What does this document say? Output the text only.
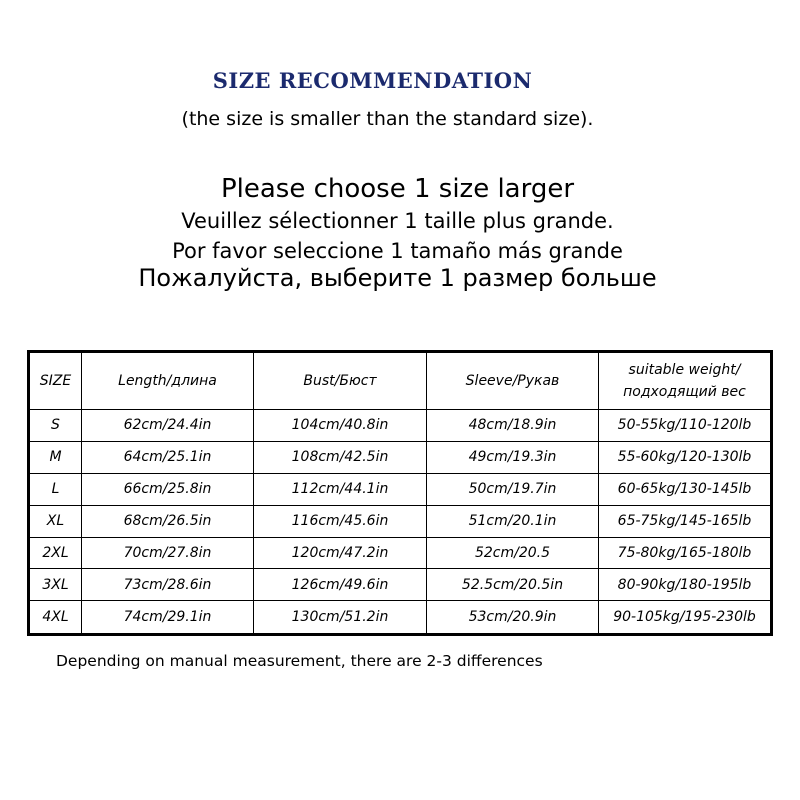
SIZE RECOMMENDATION
(the size is smaller than the standard size).
Please choose 1 size larger
Veuillez sélectionner 1 taille plus grande.
Por favor seleccione 1 tamaño más grande
Пожалуйста, выберите 1 размер больше
SIZE	Length/длина	Bust/Бюст	Sleeve/Рукав	suitable weight/
подходящий вес
S	62cm/24.4in	104cm/40.8in	48cm/18.9in	50-55kg/110-120lb
M	64cm/25.1in	108cm/42.5in	49cm/19.3in	55-60kg/120-130lb
L	66cm/25.8in	112cm/44.1in	50cm/19.7in	60-65kg/130-145lb
XL	68cm/26.5in	116cm/45.6in	51cm/20.1in	65-75kg/145-165lb
2XL	70cm/27.8in	120cm/47.2in	52cm/20.5	75-80kg/165-180lb
3XL	73cm/28.6in	126cm/49.6in	52.5cm/20.5in	80-90kg/180-195lb
4XL	74cm/29.1in	130cm/51.2in	53cm/20.9in	90-105kg/195-230lb
Depending on manual measurement, there are 2-3 differences
